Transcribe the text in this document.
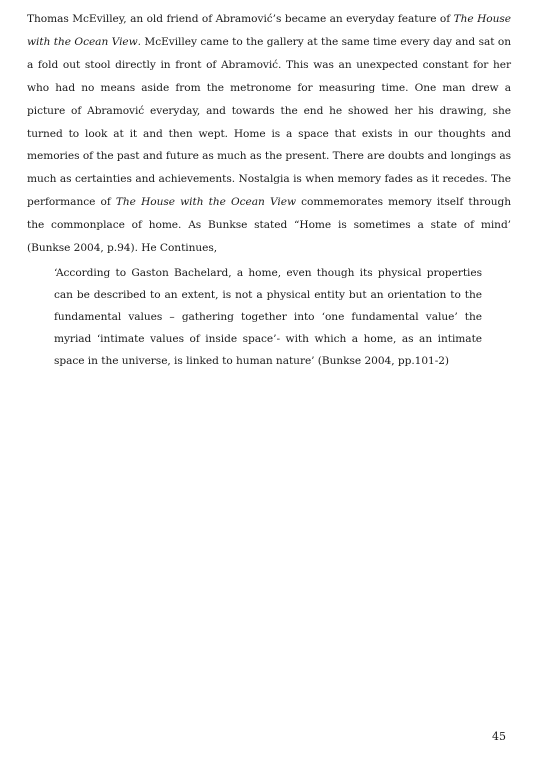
Thomas McEvilley, an old friend of Abramović’s became an everyday feature of The House with the Ocean View. McEvilley came to the gallery at the same time every day and sat on a fold out stool directly in front of Abramović. This was an unexpected constant for her who had no means aside from the metronome for measuring time. One man drew a picture of Abramović everyday, and towards the end he showed her his drawing, she turned to look at it and then wept. Home is a space that exists in our thoughts and memories of the past and future as much as the present. There are doubts and longings as much as certainties and achievements. Nostalgia is when memory fades as it recedes. The performance of The House with the Ocean View commemorates memory itself through the commonplace of home. As Bunkse stated “Home is sometimes a state of mind’ (Bunkse 2004, p.94). He Continues,

‘According to Gaston Bachelard, a home, even though its physical properties can be described to an extent, is not a physical entity but an orientation to the fundamental values – gathering together into ‘one fundamental value’ the myriad ‘intimate values of inside space’- with which a home, as an intimate space in the universe, is linked to human nature’ (Bunkse 2004, pp.101-2)

45
